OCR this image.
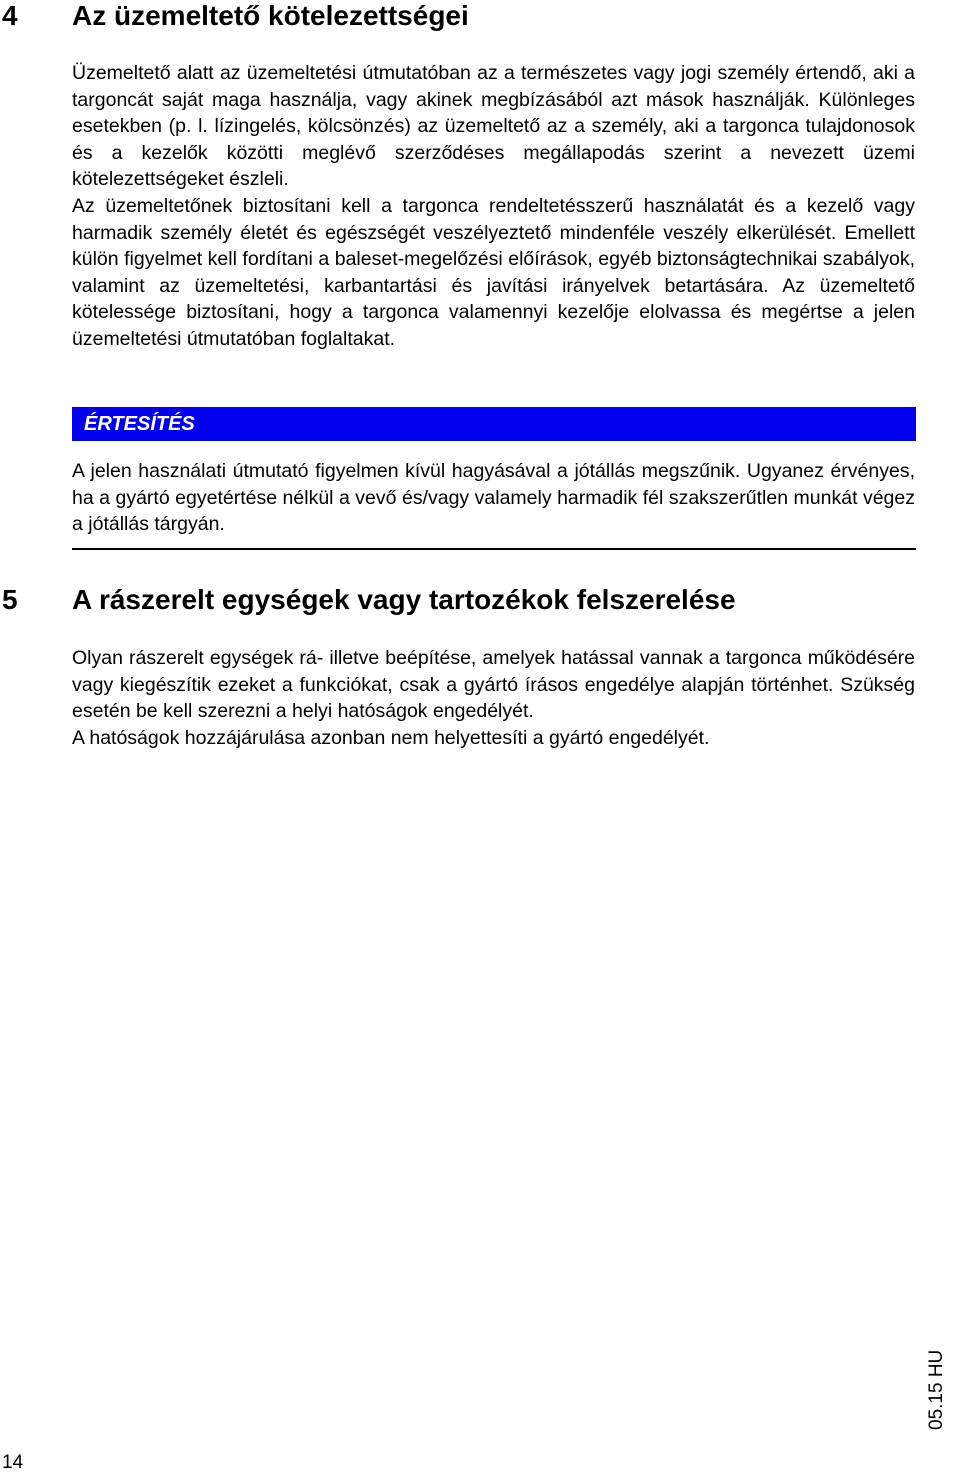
4 Az üzemeltető kötelezettségei

Üzemeltető alatt az üzemeltetési útmutatóban az a természetes vagy jogi személy értendő, aki a targoncát saját maga használja, vagy akinek megbízásából azt mások használják. Különleges esetekben (p. l. lízingelés, kölcsönzés) az üzemeltető az a személy, aki a targonca tulajdonosok és a kezelők közötti meglévő szerződéses megállapodás szerint a nevezett üzemi kötelezettségeket észleli.

Az üzemeltetőnek biztosítani kell a targonca rendeltetésszerű használatát és a kezelő vagy harmadik személy életét és egészségét veszélyeztető mindenféle veszély elkerülését. Emellett külön figyelmet kell fordítani a baleset-megelőzési előírások, egyéb biztonságtechnikai szabályok, valamint az üzemeltetési, karbantartási és javítási irányelvek betartására. Az üzemeltető kötelessége biztosítani, hogy a targonca valamennyi kezelője elolvassa és megértse a jelen üzemeltetési útmutatóban foglaltakat.

ÉRTESÍTÉS

A jelen használati útmutató figyelmen kívül hagyásával a jótállás megszűnik. Ugyanez érvényes, ha a gyártó egyetértése nélkül a vevő és/vagy valamely harmadik fél szakszerűtlen munkát végez a jótállás tárgyán.

5 A rászerelt egységek vagy tartozékok felszerelése

Olyan rászerelt egységek rá- illetve beépítése, amelyek hatással vannak a targonca működésére vagy kiegészítik ezeket a funkciókat, csak a gyártó írásos engedélye alapján történhet. Szükség esetén be kell szerezni a helyi hatóságok engedélyét.

A hatóságok hozzájárulása azonban nem helyettesíti a gyártó engedélyét.

14
05.15 HU
